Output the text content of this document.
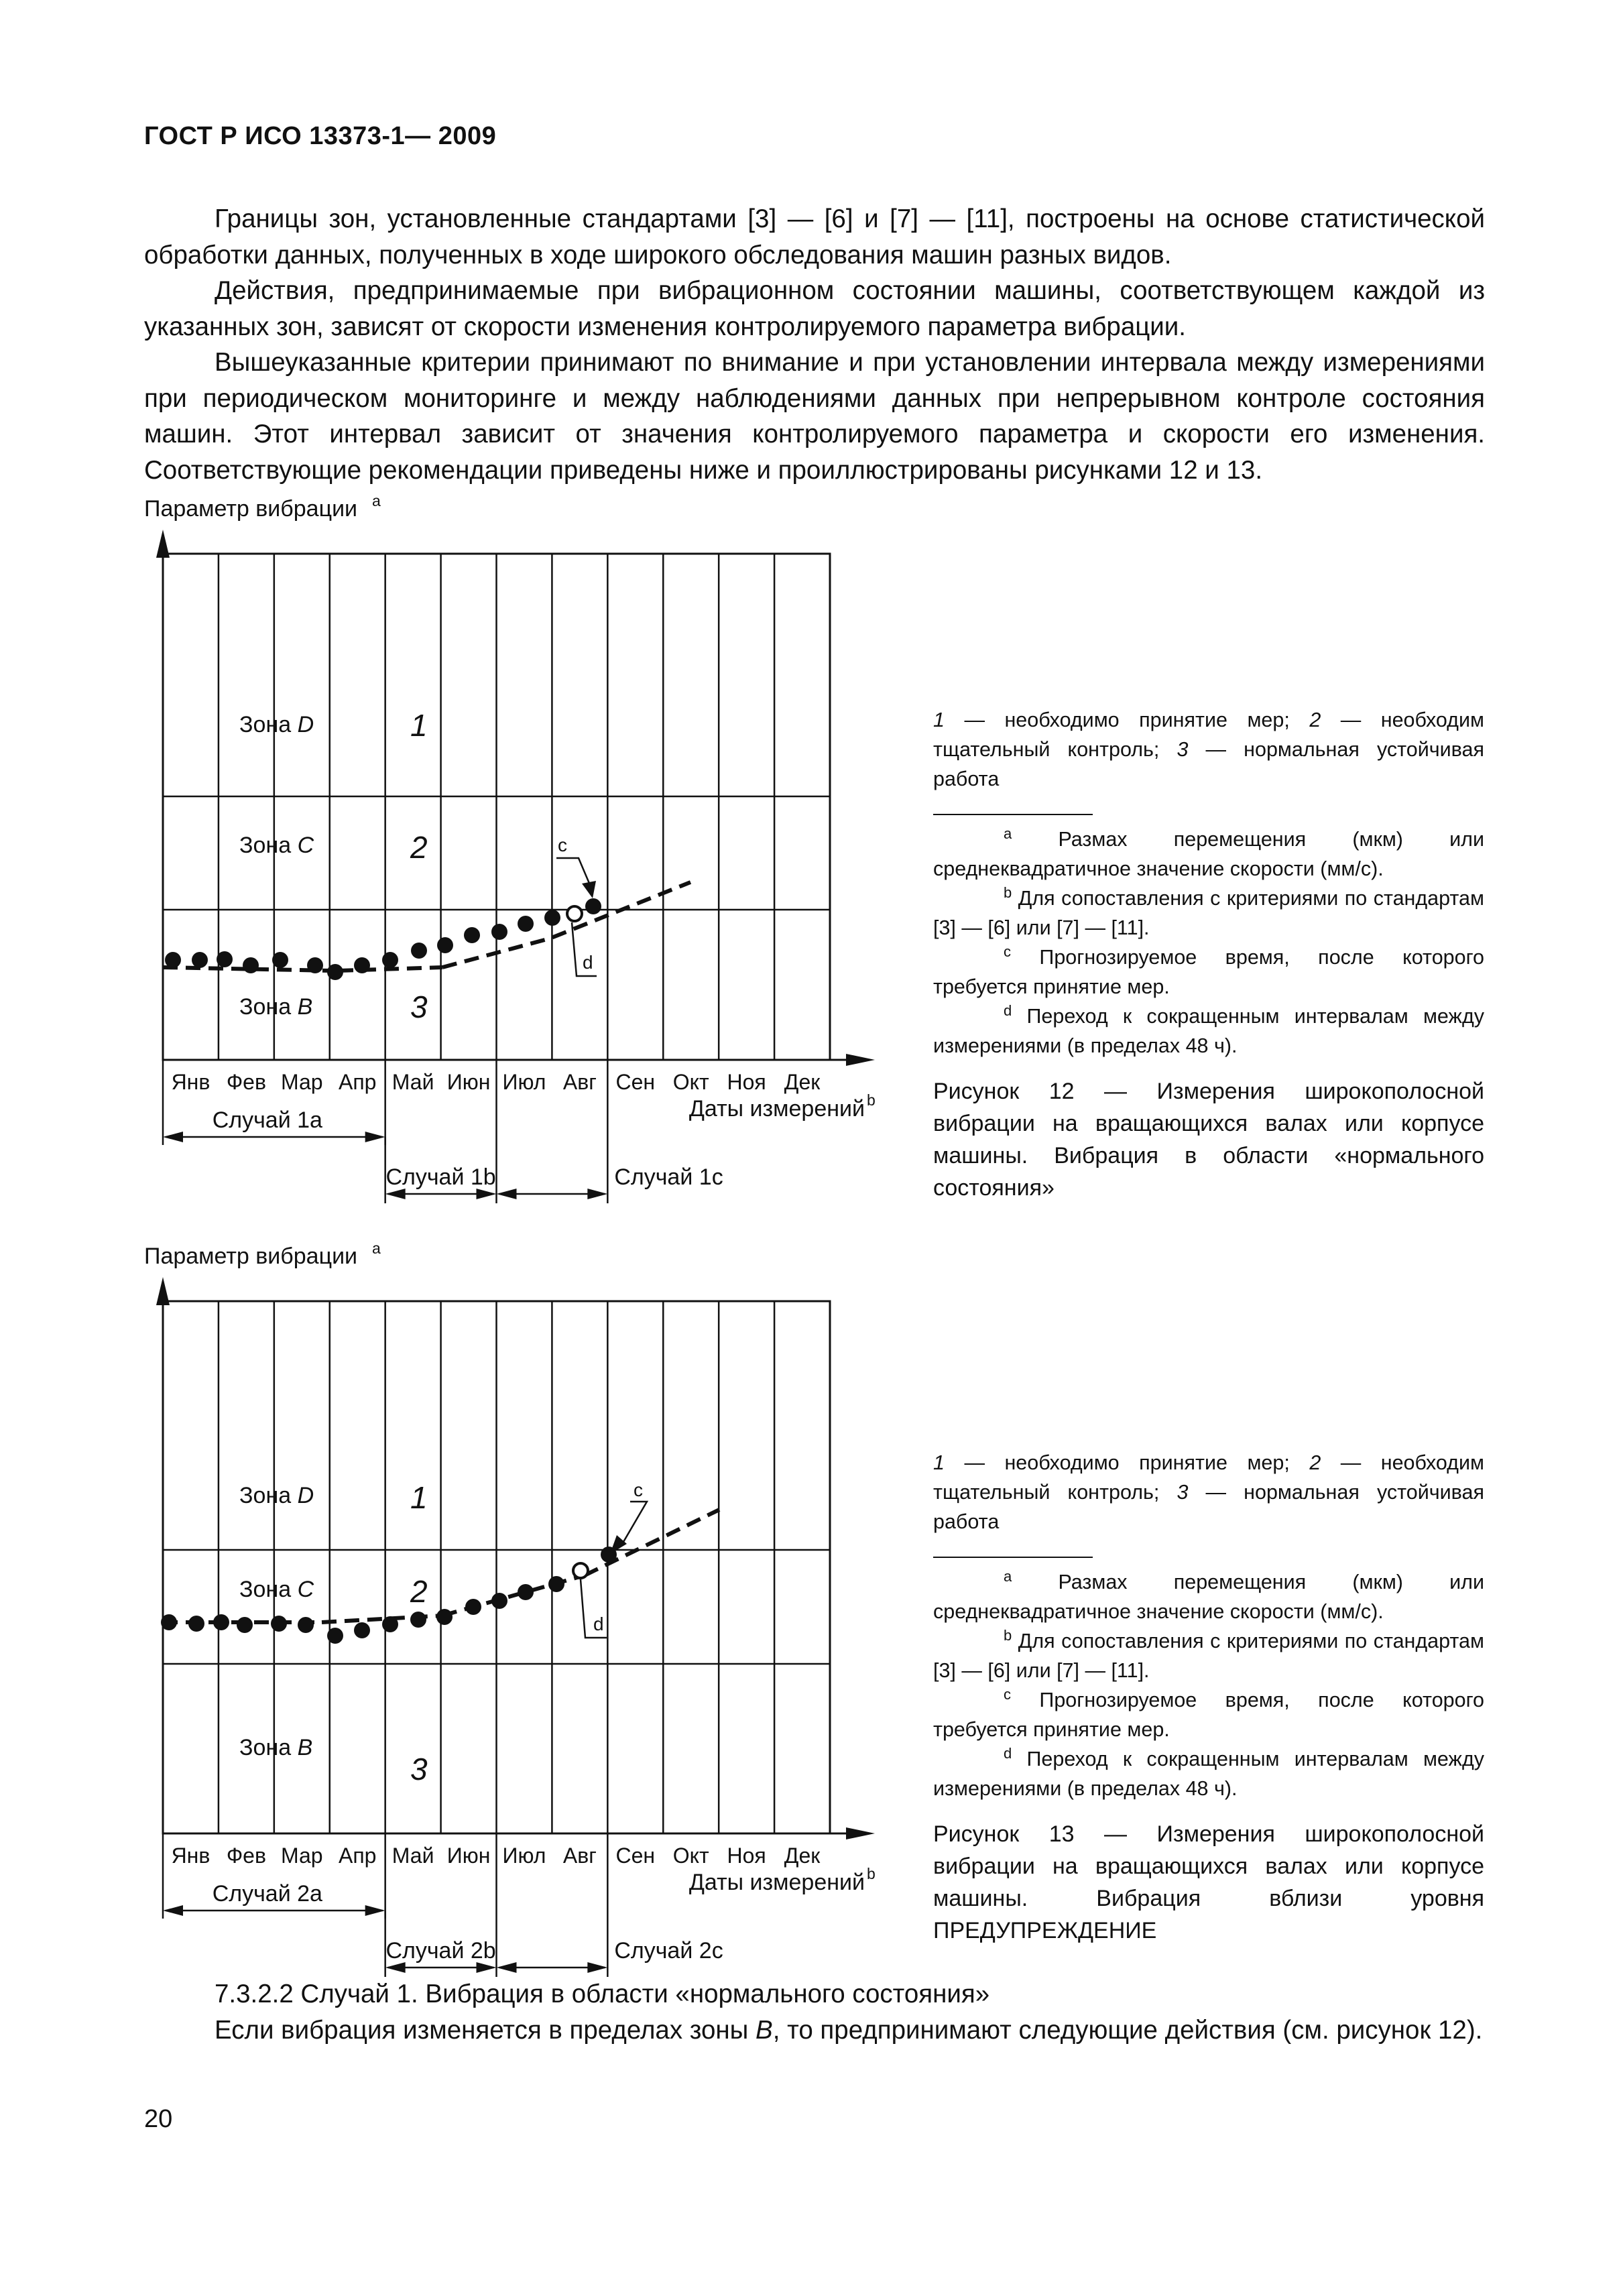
ГОСТ Р ИСО 13373-1— 2009

Границы зон, установленные стандартами [3] — [6] и [7] — [11], построены на основе статистической обработки данных, полученных в ходе широкого обследования машин разных видов.

Действия, предпринимаемые при вибрационном состоянии машины, соответствующем каждой из указанных зон, зависят от скорости изменения контролируемого параметра вибрации.

Вышеуказанные критерии принимают по внимание и при установлении интервала между измерениями при периодическом мониторинге и между наблюдениями данных при непрерывном контроле состояния машин. Этот интервал зависит от значения контролируемого параметра и скорости его изменения. Соответствующие рекомендации приведены ниже и проиллюстрированы рисунками 12 и 13.

Параметр вибрации a
Зона D
Зона C
Зона B
1
2
3
Янв Фев Мар Апр Май Июн Июл Авг Сен Окт Ноя Дек
Даты измерений b
Случай 1a
Случай 1b	Случай 1c
c
d
Параметр вибрации a
Зона D
Зона C
Зона B
1
2
3
Янв Фев Мар Апр Май Июн Июл Авг Сен Окт Ноя Дек
Даты измерений b
Случай 2a
Случай 2b	Случай 2c
c
d

1 — необходимо принятие мер; 2 — необходим тщательный контроль; 3 — нормальная устойчивая работа

$^a$ Размах перемещения (мкм) или среднеквадратичное значение скорости (мм/с).

$^b$ Для сопоставления с критериями по стандартам [3] — [6] или [7] — [11].

$^c$ Прогнозируемое время, после которого требуется принятие мер.

$^d$ Переход к сокращенным интервалам между измерениями (в пределах 48 ч).

Рисунок 12 — Измерения широкополосной вибрации на вращающихся валах или корпусе машины. Вибрация в области «нормального состояния»

1 — необходимо принятие мер; 2 — необходим тщательный контроль; 3 — нормальная устойчивая работа

$^a$ Размах перемещения (мкм) или среднеквадратичное значение скорости (мм/с).

$^b$ Для сопоставления с критериями по стандартам [3] — [6] или [7] — [11].

$^c$ Прогнозируемое время, после которого требуется принятие мер.

$^d$ Переход к сокращенным интервалам между измерениями (в пределах 48 ч).

Рисунок 13 — Измерения широкополосной вибрации на вращающихся валах или корпусе машины. Вибрация вблизи уровня ПРЕДУПРЕЖДЕНИЕ

7.3.2.2 Случай 1. Вибрация в области «нормального состояния»

Если вибрация изменяется в пределах зоны B, то предпринимают следующие действия (см. рисунок 12).

20
